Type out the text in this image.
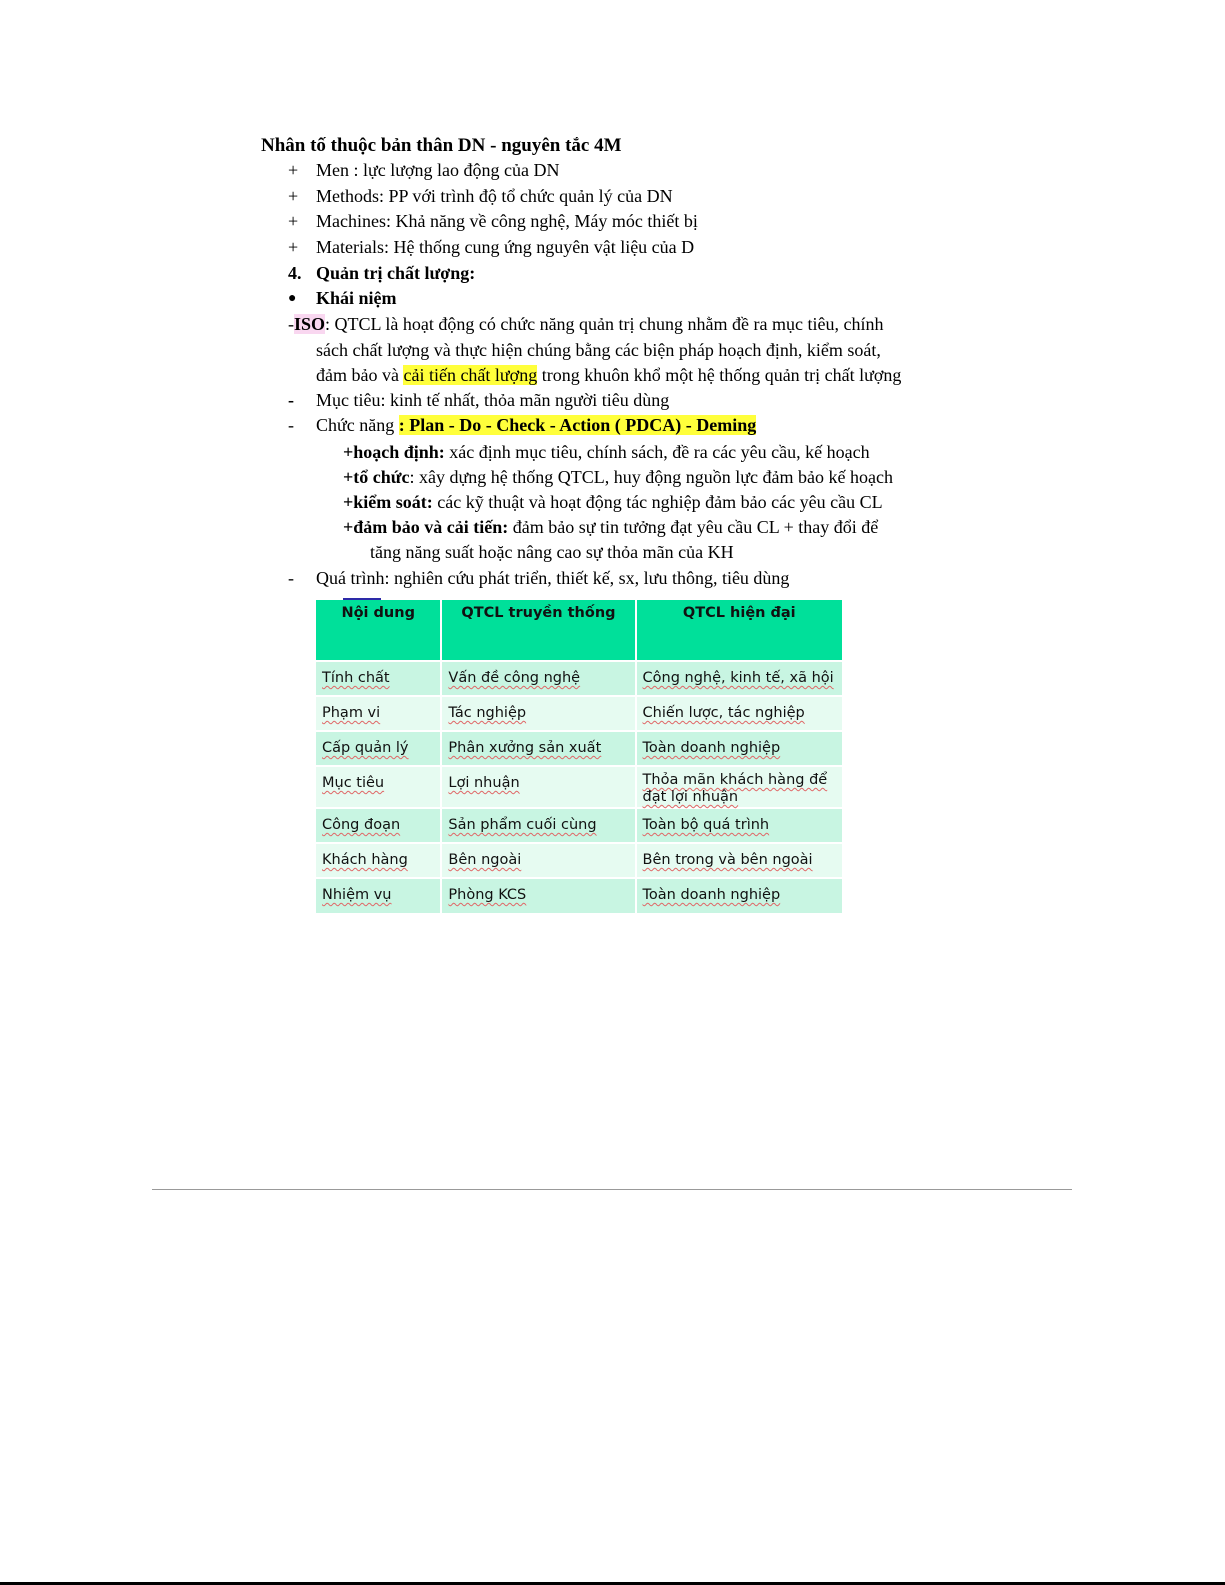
Nhân tố thuộc bản thân DN - nguyên tắc 4M
+ Men : lực lượng lao động của DN
+ Methods: PP với trình độ tổ chức quản lý của DN
+ Machines: Khả năng về công nghệ, Máy móc thiết bị
+ Materials: Hệ thống cung ứng nguyên vật liệu của D
4. Quản trị chất lượng:
●	Khái niệm
-ISO: QTCL là hoạt động có chức năng quản trị chung nhằm đề ra mục tiêu, chính
sách chất lượng và thực hiện chúng bằng các biện pháp hoạch định, kiểm soát,
đảm bảo và cải tiến chất lượng trong khuôn khổ một hệ thống quản trị chất lượng
-	Mục tiêu: kinh tế nhất, thỏa mãn người tiêu dùng
-	Chức năng : Plan - Do - Check - Action ( PDCA) - Deming
+hoạch định: xác định mục tiêu, chính sách, đề ra các yêu cầu, kế hoạch
+tổ chức: xây dựng hệ thống QTCL, huy động nguồn lực đảm bảo kế hoạch
+kiểm soát: các kỹ thuật và hoạt động tác nghiệp đảm bảo các yêu cầu CL
+đảm bảo và cải tiến: đảm bảo sự tin tưởng đạt yêu cầu CL + thay đổi để
tăng năng suất hoặc nâng cao sự thỏa mãn của KH
-	Quá trình: nghiên cứu phát triển, thiết kế, sx, lưu thông, tiêu dùng
Nội dung	QTCL truyền thống	QTCL hiện đại
Tính chất	Vấn đề công nghệ	Công nghệ, kinh tế, xã hội
Phạm vi	Tác nghiệp	Chiến lược, tác nghiệp
Cấp quản lý	Phân xưởng sản xuất	Toàn doanh nghiệp
Mục tiêu	Lợi nhuận	Thỏa mãn khách hàng để đạt lợi nhuận
Công đoạn	Sản phẩm cuối cùng	Toàn bộ quá trình
Khách hàng	Bên ngoài	Bên trong và bên ngoài
Nhiệm vụ	Phòng KCS	Toàn doanh nghiệp
